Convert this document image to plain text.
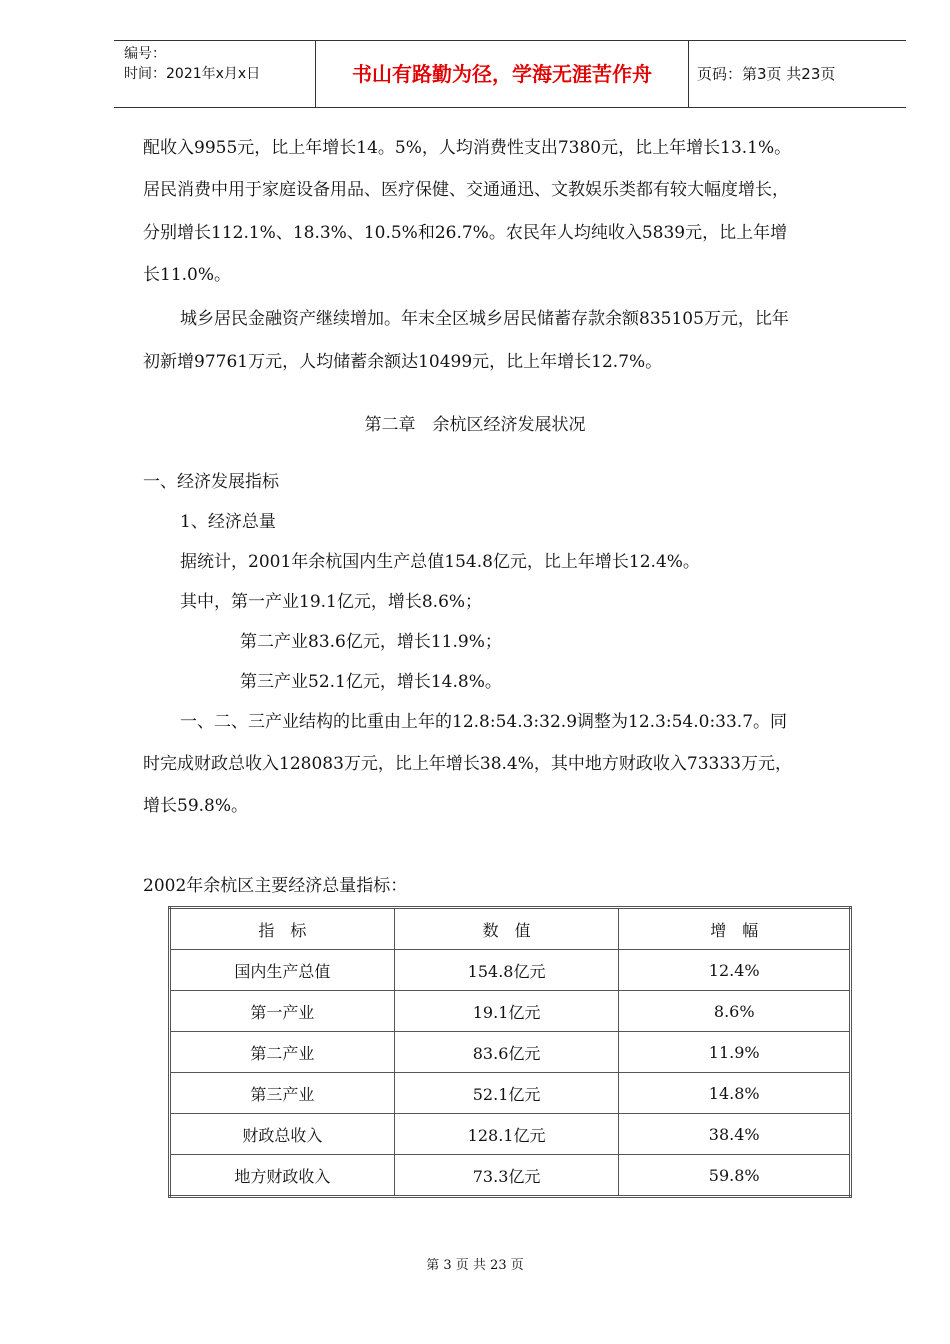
编号：
时间：2021年x月x日	书山有路勤为径，学海无涯苦作舟	页码：第3页 共23页
配收入9955元，比上年增长14。5%，人均消费性支出7380元，比上年增长13.1%。
居民消费中用于家庭设备用品、医疗保健、交通通迅、文教娱乐类都有较大幅度增长，
分别增长112.1%、18.3%、10.5%和26.7%。农民年人均纯收入5839元，比上年增
长11.0%。
城乡居民金融资产继续增加。年末全区城乡居民储蓄存款余额835105万元，比年
初新增97761万元，人均储蓄余额达10499元，比上年增长12.7%。
第二章　余杭区经济发展状况
一、经济发展指标
1、经济总量
据统计，2001年余杭国内生产总值154.8亿元，比上年增长12.4%。
其中，第一产业19.1亿元，增长8.6%；
第二产业83.6亿元，增长11.9%；
第三产业52.1亿元，增长14.8%。
一、二、三产业结构的比重由上年的12.8:54.3:32.9调整为12.3:54.0:33.7。同
时完成财政总收入128083万元，比上年增长38.4%，其中地方财政收入73333万元，
增长59.8%。
2002年余杭区主要经济总量指标：
指　标	数　值	增　幅
国内生产总值	154.8亿元	12.4%
第一产业	19.1亿元	8.6%
第二产业	83.6亿元	11.9%
第三产业	52.1亿元	14.8%
财政总收入	128.1亿元	38.4%
地方财政收入	73.3亿元	59.8%
第 3 页 共 23 页
